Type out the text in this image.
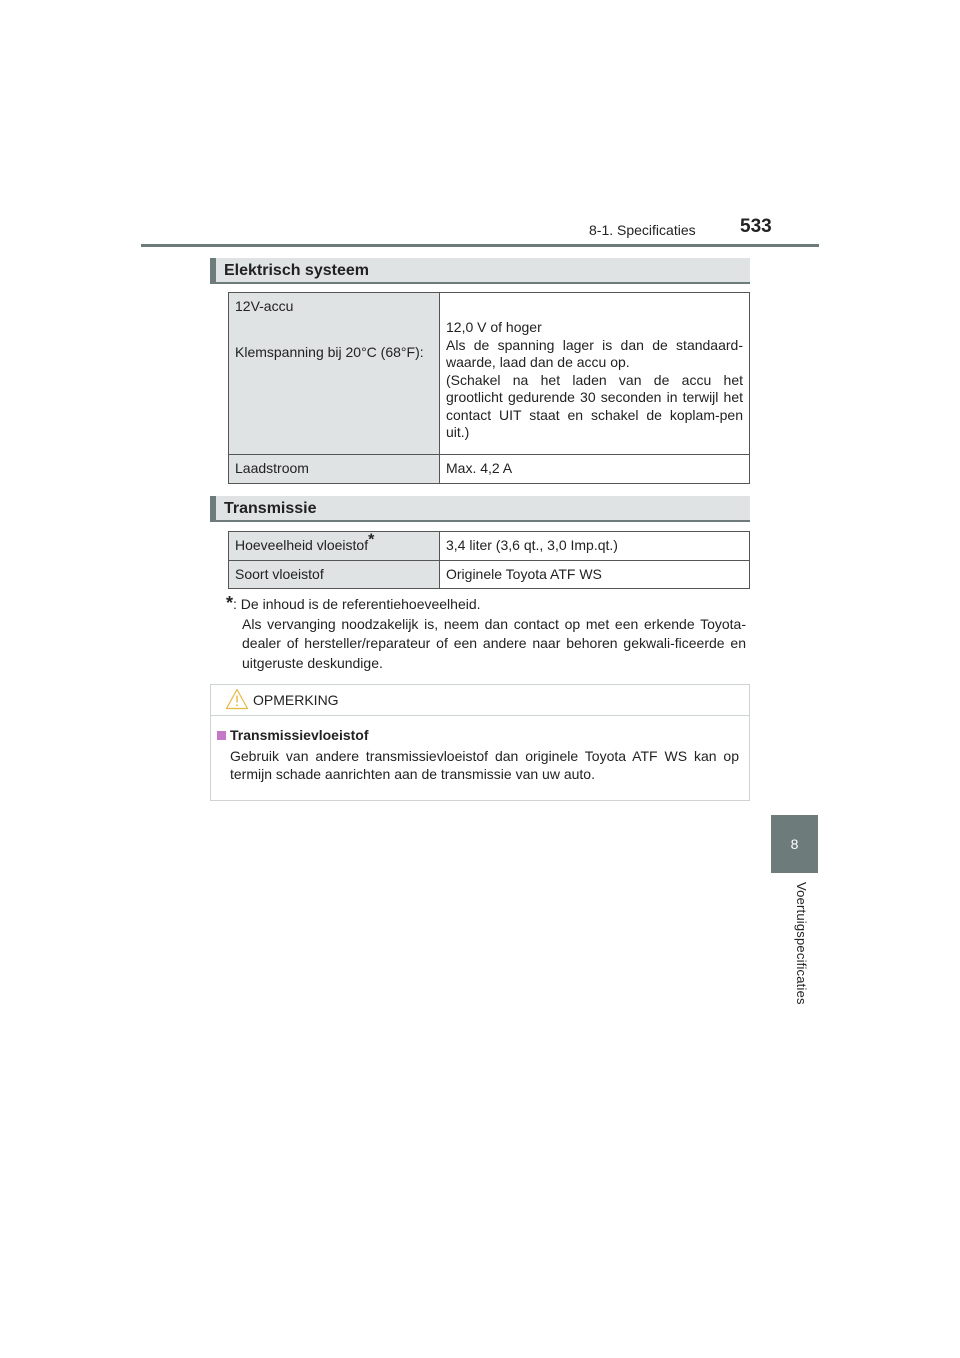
8-1. Specificaties 533
8
Voertuigspecificaties
Elektrisch systeem
12V-accu
Klemspanning bij 20°C (68°F):	12,0 V of hoger
Als de spanning lager is dan de standaard-waarde, laad dan de accu op.
(Schakel na het laden van de accu het grootlicht gedurende 30 seconden in terwijl het contact UIT staat en schakel de koplam-pen uit.)

Laadstroom	Max. 4,2 A
Transmissie
Hoeveelheid vloeistof*	3,4 liter (3,6 qt., 3,0 Imp.qt.)
Soort vloeistof	Originele Toyota ATF WS
*: De inhoud is de referentiehoeveelheid.
Als vervanging noodzakelijk is, neem dan contact op met een erkende Toyota-dealer of hersteller/reparateur of een andere naar behoren gekwali-ficeerde en uitgeruste deskundige.
OPMERKING
Transmissievloeistof
Gebruik van andere transmissievloeistof dan originele Toyota ATF WS kan op termijn schade aanrichten aan de transmissie van uw auto.
